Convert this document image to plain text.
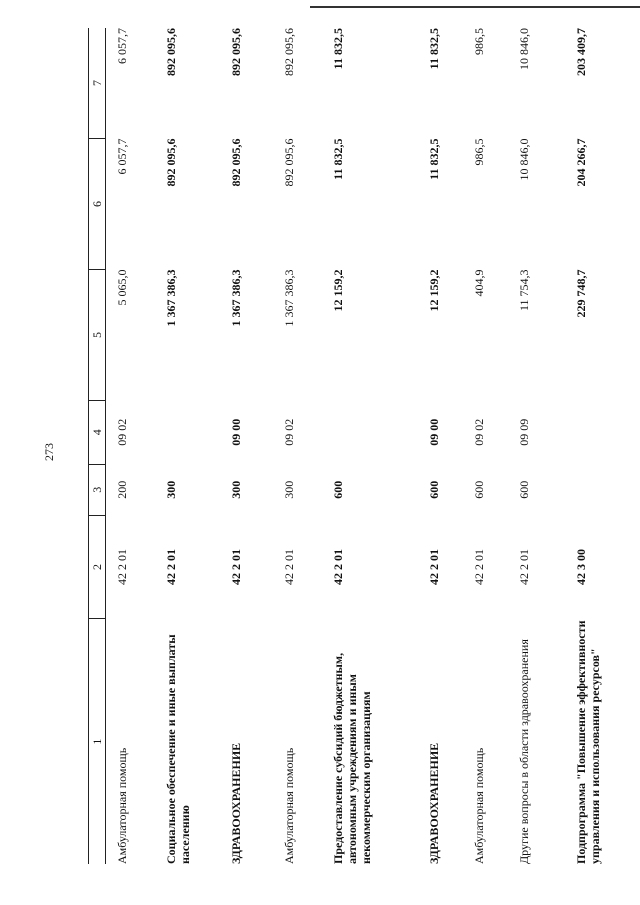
273
1	2	3	4	5	6	7
Амбулаторная помощь	42 2 01	200	09 02	5 065,0	6 057,7	6 057,7
Социальное обеспечение и иные выплаты населению	42 2 01	300		1 367 386,3	892 095,6	892 095,6
ЗДРАВООХРАНЕНИЕ	42 2 01	300	09 00	1 367 386,3	892 095,6	892 095,6
Амбулаторная помощь	42 2 01	300	09 02	1 367 386,3	892 095,6	892 095,6
Предоставление субсидий бюджетным, автономным учреждениям и иным некоммерческим организациям	42 2 01	600		12 159,2	11 832,5	11 832,5
ЗДРАВООХРАНЕНИЕ	42 2 01	600	09 00	12 159,2	11 832,5	11 832,5
Амбулаторная помощь	42 2 01	600	09 02	404,9	986,5	986,5
Другие вопросы в области здравоохранения	42 2 01	600	09 09	11 754,3	10 846,0	10 846,0
Подпрограмма "Повышение эффективности управления и использования ресурсов"	42 3 00			229 748,7	204 266,7	203 409,7
